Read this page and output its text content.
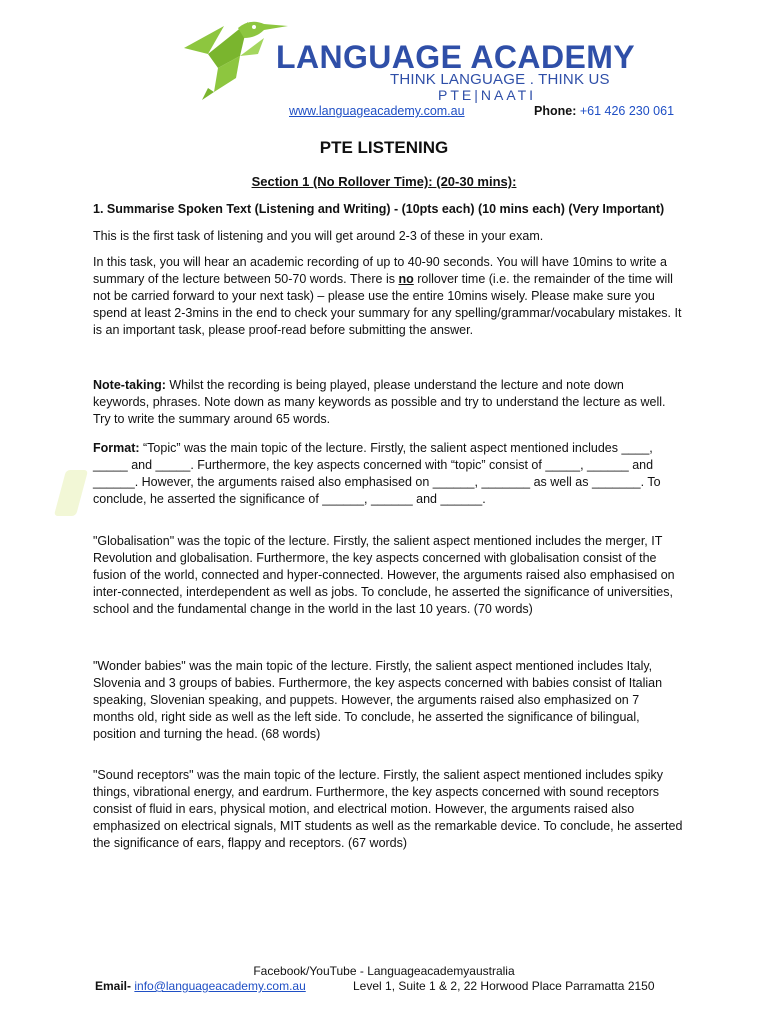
LANGUAGE ACADEMY
THINK LANGUAGE . THINK US
PTE|NAATI
www.languageacademy.com.au	Phone: +61 426 230 061
PTE LISTENING
Section 1 (No Rollover Time): (20-30 mins):

1. Summarise Spoken Text (Listening and Writing) - (10pts each) (10 mins each) (Very Important)

This is the first task of listening and you will get around 2-3 of these in your exam.

In this task, you will hear an academic recording of up to 40-90 seconds. You will have 10mins to write a summary of the lecture between 50-70 words. There is no rollover time (i.e. the remainder of the time will not be carried forward to your next task) – please use the entire 10mins wisely. Please make sure you spend at least 2-3mins in the end to check your summary for any spelling/grammar/vocabulary mistakes. It is an important task, please proof-read before submitting the answer.

Note-taking: Whilst the recording is being played, please understand the lecture and note down keywords, phrases. Note down as many keywords as possible and try to understand the lecture as well. Try to write the summary around 65 words.

Format: “Topic” was the main topic of the lecture. Firstly, the salient aspect mentioned includes ____, _____ and _____. Furthermore, the key aspects concerned with “topic” consist of _____, ______ and ______. However, the arguments raised also emphasised on ______, _______ as well as _______. To conclude, he asserted the significance of ______, ______ and ______.

"Globalisation" was the topic of the lecture. Firstly, the salient aspect mentioned includes the merger, IT Revolution and globalisation. Furthermore, the key aspects concerned with globalisation consist of the fusion of the world, connected and hyper-connected. However, the arguments raised also emphasised on inter-connected, interdependent as well as jobs. To conclude, he asserted the significance of universities, school and the fundamental change in the world in the last 10 years. (70 words)

"Wonder babies" was the main topic of the lecture. Firstly, the salient aspect mentioned includes Italy, Slovenia and 3 groups of babies. Furthermore, the key aspects concerned with babies consist of Italian speaking, Slovenian speaking, and puppets. However, the arguments raised also emphasized on 7 months old, right side as well as the left side. To conclude, he asserted the significance of bilingual, position and turning the head. (68 words)

"Sound receptors" was the main topic of the lecture. Firstly, the salient aspect mentioned includes spiky things, vibrational energy, and eardrum. Furthermore, the key aspects concerned with sound receptors consist of fluid in ears, physical motion, and electrical motion. However, the arguments raised also emphasized on electrical signals, MIT students as well as the remarkable device. To conclude, he asserted the significance of ears, flappy and receptors. (67 words)

Facebook/YouTube - Languageacademyaustralia
Email- info@languageacademy.com.au	Level 1, Suite 1 & 2, 22 Horwood Place Parramatta 2150
